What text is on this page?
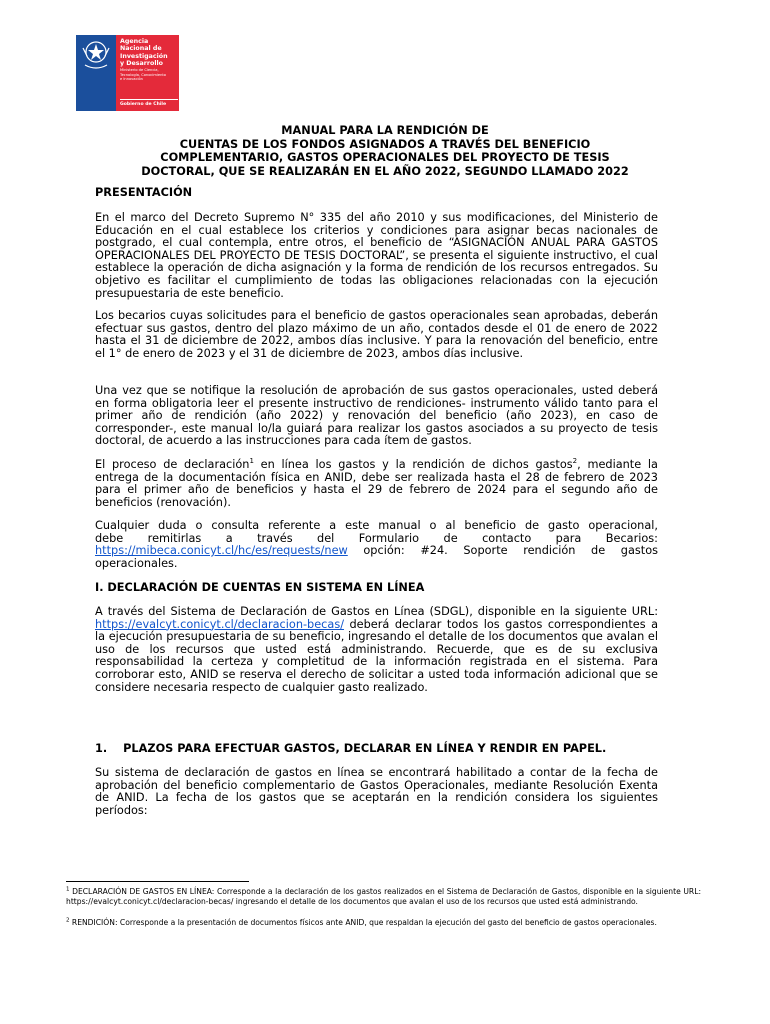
Agencia
Nacional de
Investigación
y Desarrollo
Ministerio de Ciencia,
Tecnología, Conocimiento
e Innovación
Gobierno de Chile
MANUAL PARA LA RENDICIÓN DE
CUENTAS DE LOS FONDOS ASIGNADOS A TRAVÉS DEL BENEFICIO
COMPLEMENTARIO, GASTOS OPERACIONALES DEL PROYECTO DE TESIS
DOCTORAL, QUE SE REALIZARÁN EN EL AÑO 2022, SEGUNDO LLAMADO 2022
PRESENTACIÓN
En el marco del Decreto Supremo N° 335 del año 2010 y sus modificaciones, del Ministerio de Educación en el cual establece los criterios y condiciones para asignar becas nacionales de postgrado, el cual contempla, entre otros, el beneficio de “ASIGNACIÓN ANUAL PARA GASTOS OPERACIONALES DEL PROYECTO DE TESIS DOCTORAL”, se presenta el siguiente instructivo, el cual establece la operación de dicha asignación y la forma de rendición de los recursos entregados. Su objetivo es facilitar el cumplimiento de todas las obligaciones relacionadas con la ejecución presupuestaria de este beneficio.
Los becarios cuyas solicitudes para el beneficio de gastos operacionales sean aprobadas, deberán efectuar sus gastos, dentro del plazo máximo de un año, contados desde el 01 de enero de 2022 hasta el 31 de diciembre de 2022, ambos días inclusive. Y para la renovación del beneficio, entre el 1° de enero de 2023 y el 31 de diciembre de 2023, ambos días inclusive.
Una vez que se notifique la resolución de aprobación de sus gastos operacionales, usted deberá en forma obligatoria leer el presente instructivo de rendiciones- instrumento válido tanto para el primer año de rendición (año 2022) y renovación del beneficio (año 2023), en caso de corresponder-, este manual lo/la guiará para realizar los gastos asociados a su proyecto de tesis doctoral, de acuerdo a las instrucciones para cada ítem de gastos.
El proceso de declaración$^1$ en línea los gastos y la rendición de dichos gastos$^2$, mediante la entrega de la documentación física en ANID, debe ser realizada hasta el 28 de febrero de 2023 para el primer año de beneficios y hasta el 29 de febrero de 2024 para el segundo año de beneficios (renovación).
Cualquier duda o consulta referente a este manual o al beneficio de gasto operacional,
debe remitirlas a través del Formulario de contacto para Becarios:
https://mibeca.conicyt.cl/hc/es/requests/new opción: #24. Soporte rendición de gastos operacionales.
I. DECLARACIÓN DE CUENTAS EN SISTEMA EN LÍNEA
A través del Sistema de Declaración de Gastos en Línea (SDGL), disponible en la siguiente URL: https://evalcyt.conicyt.cl/declaracion-becas/ deberá declarar todos los gastos correspondientes a la ejecución presupuestaria de su beneficio, ingresando el detalle de los documentos que avalan el uso de los recursos que usted está administrando. Recuerde, que es de su exclusiva responsabilidad la certeza y completitud de la información registrada en el sistema. Para corroborar esto, ANID se reserva el derecho de solicitar a usted toda información adicional que se considere necesaria respecto de cualquier gasto realizado.
1. PLAZOS PARA EFECTUAR GASTOS, DECLARAR EN LÍNEA Y RENDIR EN PAPEL.
Su sistema de declaración de gastos en línea se encontrará habilitado a contar de la fecha de aprobación del beneficio complementario de Gastos Operacionales, mediante Resolución Exenta de ANID. La fecha de los gastos que se aceptarán en la rendición considera los siguientes períodos:
$^1$ DECLARACIÓN DE GASTOS EN LÍNEA: Corresponde a la declaración de los gastos realizados en el Sistema de Declaración de Gastos, disponible en la siguiente URL: https://evalcyt.conicyt.cl/declaracion-becas/ ingresando el detalle de los documentos que avalan el uso de los recursos que usted está administrando.
$^2$ RENDICIÓN: Corresponde a la presentación de documentos físicos ante ANID, que respaldan la ejecución del gasto del beneficio de gastos operacionales.
